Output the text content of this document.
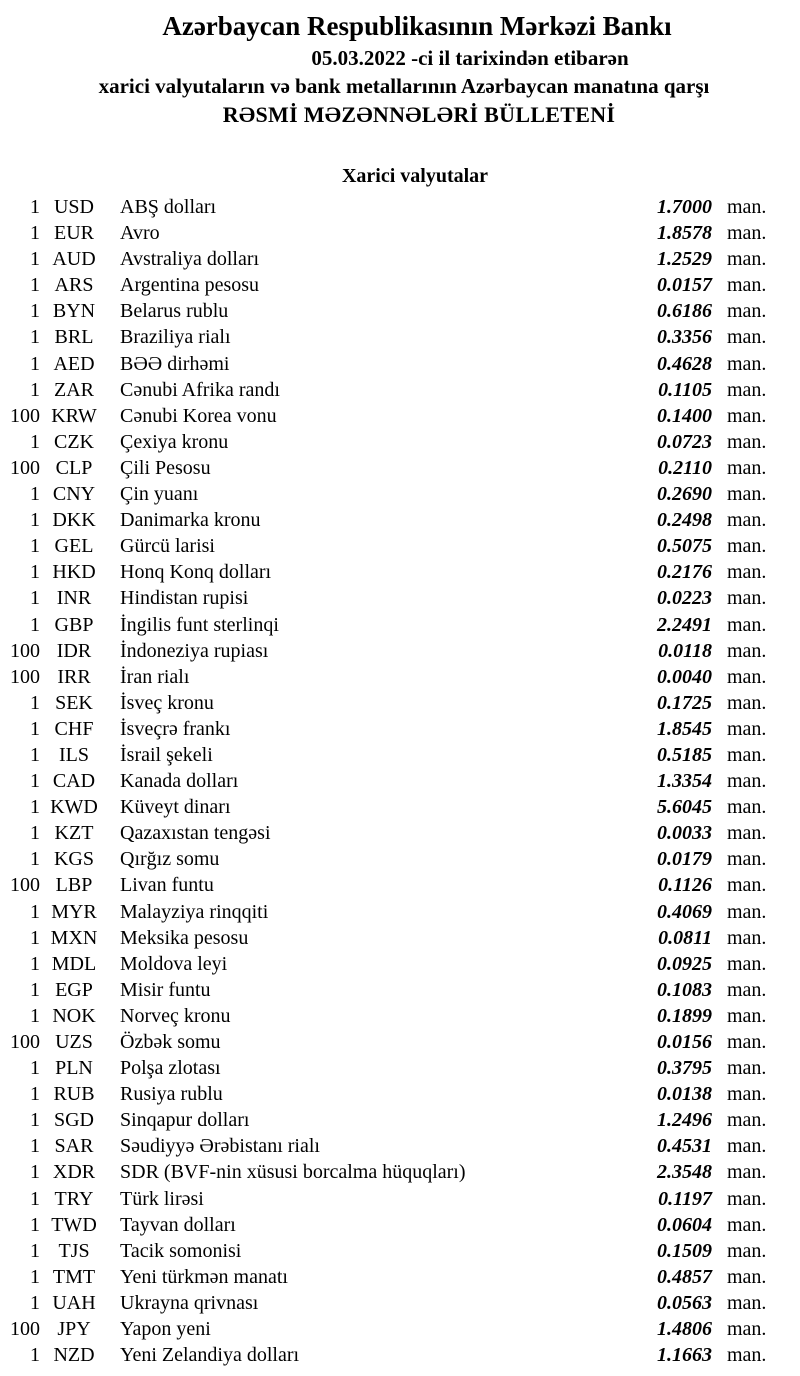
Azərbaycan Respublikasının Mərkəzi Bankı
05.03.2022 -ci il tarixindən etibarən
xarici valyutaların və bank metallarının Azərbaycan manatına qarşı
RƏSMİ MƏZƏNNƏLƏRİ BÜLLETENİ
Xarici valyutalar
1 USD	ABŞ dolları	1.7000 man.
1 EUR	Avro	1.8578 man.
1 AUD	Avstraliya dolları	1.2529 man.
1 ARS	Argentina pesosu	0.0157 man.
1 BYN	Belarus rublu	0.6186 man.
1 BRL	Braziliya rialı	0.3356 man.
1 AED	BƏƏ dirhəmi	0.4628 man.
1 ZAR	Cənubi Afrika randı	0.1105 man.
100 KRW	Cənubi Korea vonu	0.1400 man.
1 CZK	Çexiya kronu	0.0723 man.
100 CLP	Çili Pesosu	0.2110 man.
1 CNY	Çin yuanı	0.2690 man.
1 DKK	Danimarka kronu	0.2498 man.
1 GEL	Gürcü larisi	0.5075 man.
1 HKD	Honq Konq dolları	0.2176 man.
1 INR	Hindistan rupisi	0.0223 man.
1 GBP	İngilis funt sterlinqi	2.2491 man.
100 IDR	İndoneziya rupiası	0.0118 man.
100 IRR	İran rialı	0.0040 man.
1 SEK	İsveç kronu	0.1725 man.
1 CHF	İsveçrə frankı	1.8545 man.
1 ILS	İsrail şekeli	0.5185 man.
1 CAD	Kanada dolları	1.3354 man.
1 KWD	Küveyt dinarı	5.6045 man.
1 KZT	Qazaxıstan tengəsi	0.0033 man.
1 KGS	Qırğız somu	0.0179 man.
100 LBP	Livan funtu	0.1126 man.
1 MYR	Malayziya rinqqiti	0.4069 man.
1 MXN	Meksika pesosu	0.0811 man.
1 MDL	Moldova leyi	0.0925 man.
1 EGP	Misir funtu	0.1083 man.
1 NOK	Norveç kronu	0.1899 man.
100 UZS	Özbək somu	0.0156 man.
1 PLN	Polşa zlotası	0.3795 man.
1 RUB	Rusiya rublu	0.0138 man.
1 SGD	Sinqapur dolları	1.2496 man.
1 SAR	Səudiyyə Ərəbistanı rialı	0.4531 man.
1 XDR	SDR (BVF-nin xüsusi borcalma hüquqları)	2.3548 man.
1 TRY	Türk lirəsi	0.1197 man.
1 TWD	Tayvan dolları	0.0604 man.
1 TJS	Tacik somonisi	0.1509 man.
1 TMT	Yeni türkmən manatı	0.4857 man.
1 UAH	Ukrayna qrivnası	0.0563 man.
100 JPY	Yapon yeni	1.4806 man.
1 NZD	Yeni Zelandiya dolları	1.1663 man.
